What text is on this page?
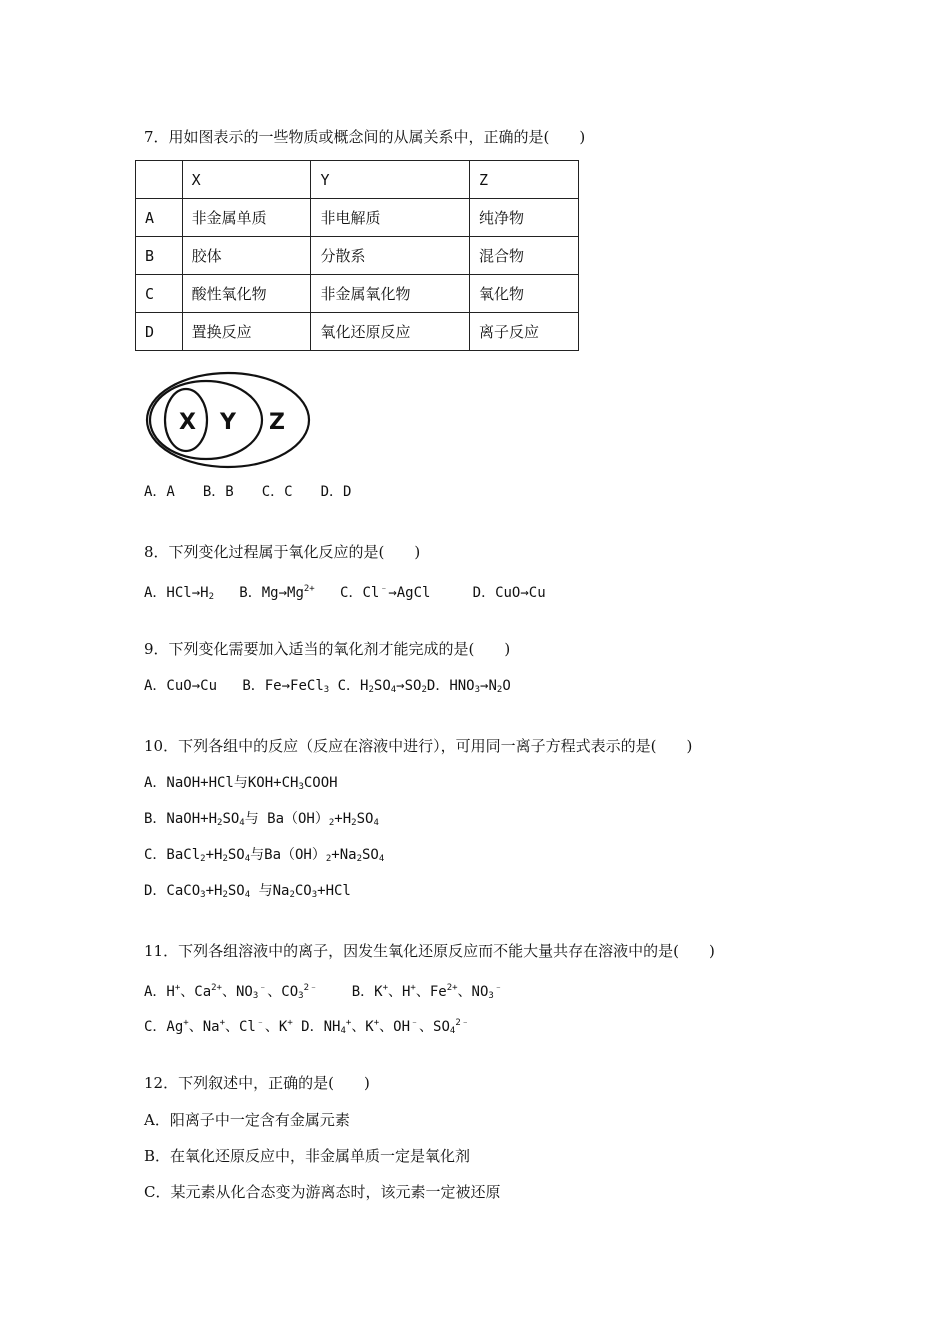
7．用如图表示的一些物质或概念间的从属关系中，正确的是(　　)
	X	Y	Z
A	非金属单质	非电解质	纯净物
B	胶体	分散系	混合物
C	酸性氧化物	非金属氧化物	氧化物
D	置换反应	氧化还原反应	离子反应
X Y Z
A．A　　B．B　　C．C　　D．D
8．下列变化过程属于氧化反应的是(　　)
A．$HCl\to H_2$ B．$Mg\to Mg^{2+}$ C．Cl﹣→AgCl	D．CuO→Cu
9．下列变化需要加入适当的氧化剂才能完成的是(　　)
A．CuO→Cu B．Fe→FeCl$_3$ C．$H_2SO_4\to SO_2D$．$HNO_3\to N_2O$
10．下列各组中的反应（反应在溶液中进行），可用同一离子方程式表示的是(　　)
A．NaOH+HCl与$KOH+CH_3COOH$
B．$NaOH+H_2SO_4$与 $Ba(OH)_2+H_2SO_4$
C．$BaCl_2+H_2SO_4$与$Ba(OH)_2+Na_2SO_4$
D．$CaCO_3+H_2SO_4$ 与$Na_2CO_3+HCl$
11．下列各组溶液中的离子，因发生氧化还原反应而不能大量共存在溶液中的是(　　)
A．H+、$Ca^{2+}$、$NO_3^﹣$、$CO_3^{2﹣}$ B．K+、H+、$Fe^{2+}$、$NO_3^﹣$
C．Ag+、Na+、Cl﹣、K+ D．$NH_4^+$、K+、OH﹣、$SO_4^{2﹣}$
12．下列叙述中，正确的是(　　)
A．阳离子中一定含有金属元素
B．在氧化还原反应中，非金属单质一定是氧化剂
C．某元素从化合态变为游离态时，该元素一定被还原
